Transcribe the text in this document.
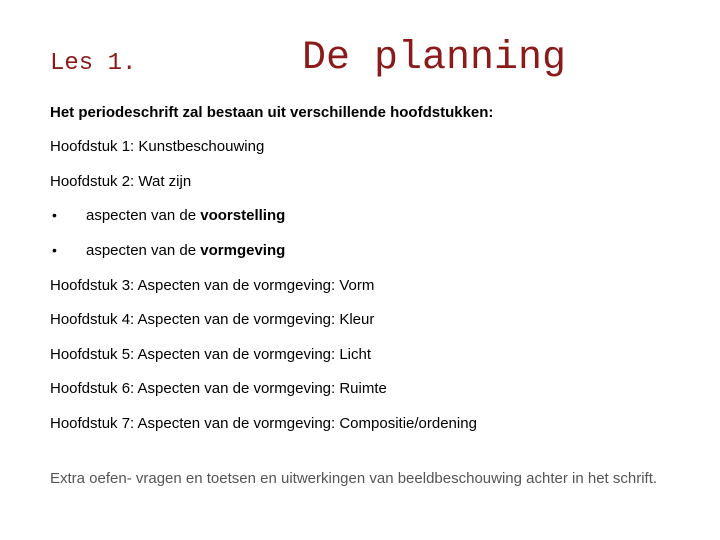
Les 1.	De planning
Het periodeschrift zal bestaan uit verschillende hoofdstukken:
Hoofdstuk 1: Kunstbeschouwing
Hoofdstuk 2: Wat zijn
• aspecten van de voorstelling
• aspecten van de vormgeving
Hoofdstuk 3: Aspecten van de vormgeving: Vorm
Hoofdstuk 4: Aspecten van de vormgeving: Kleur
Hoofdstuk 5: Aspecten van de vormgeving: Licht
Hoofdstuk 6: Aspecten van de vormgeving: Ruimte
Hoofdstuk 7: Aspecten van de vormgeving: Compositie/ordening
Extra oefen- vragen en toetsen en uitwerkingen van beeldbeschouwing achter in het schrift.
